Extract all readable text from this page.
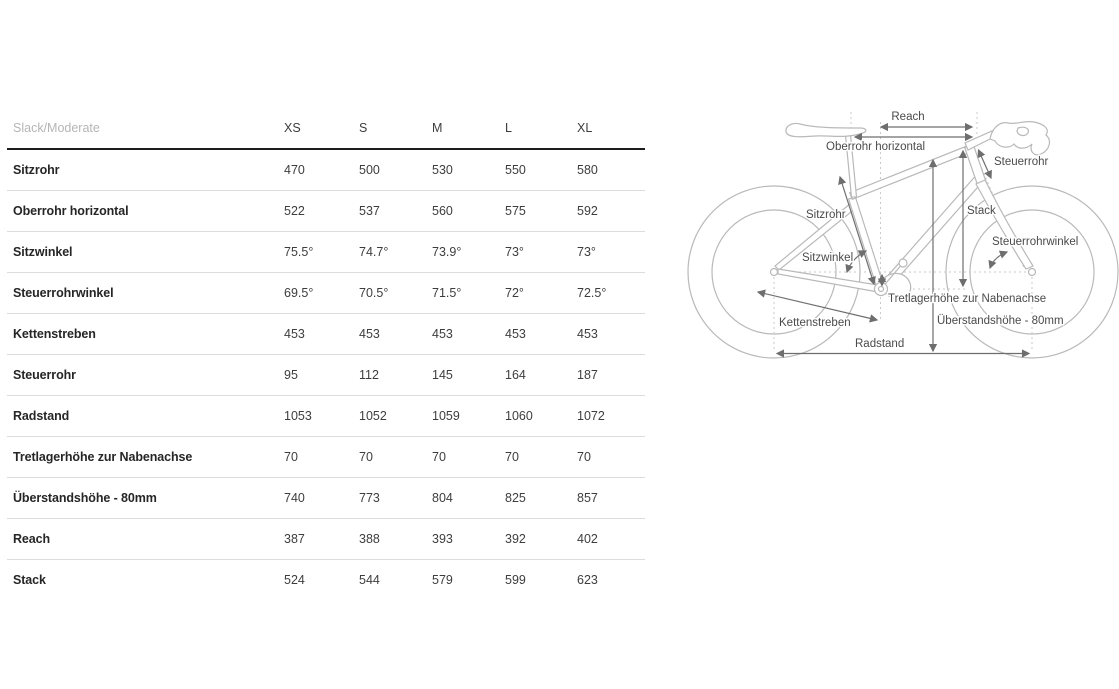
Slack/Moderate	XS	S	M	L	XL
Sitzrohr	470	500	530	550	580
Oberrohr horizontal	522	537	560	575	592
Sitzwinkel	75.5°	74.7°	73.9°	73°	73°
Steuerrohrwinkel	69.5°	70.5°	71.5°	72°	72.5°
Kettenstreben	453	453	453	453	453
Steuerrohr	95	112	145	164	187
Radstand	1053	1052	1059	1060	1072
Tretlagerhöhe zur Nabenachse	70	70	70	70	70
Überstandshöhe - 80mm	740	773	804	825	857
Reach	387	388	393	392	402
Stack	524	544	579	599	623
Reach
Oberrohr horizontal
Steuerrohr
Sitzrohr	Stack
Steuerrohrwinkel
Sitzwinkel
Tretlagerhöhe zur Nabenachse
Überstandshöhe - 80mm
Kettenstreben
Radstand
